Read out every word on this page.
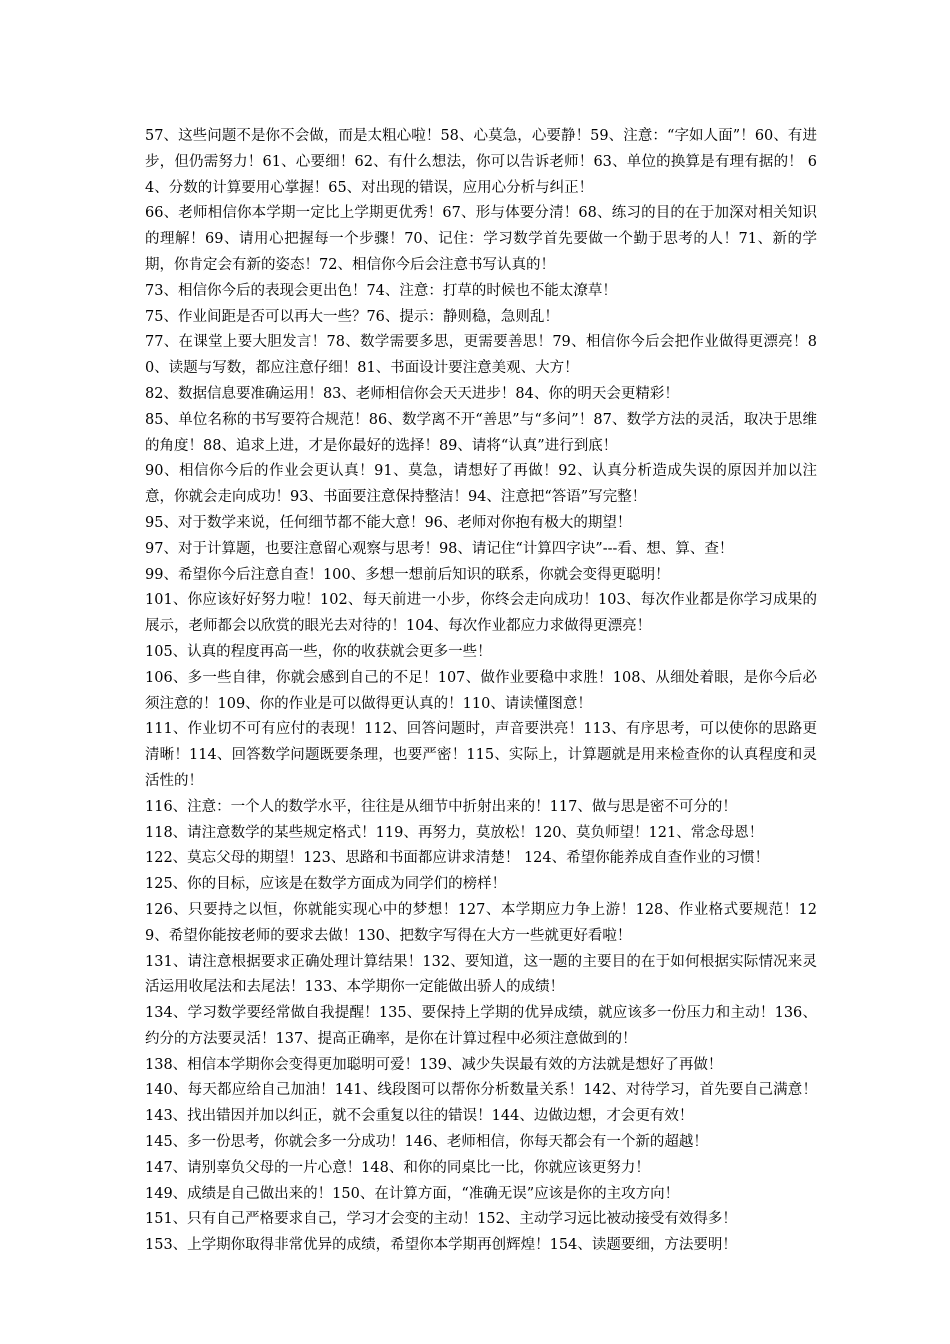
57、这些问题不是你不会做，而是太粗心啦！58、心莫急，心要静！59、注意：“字如人面”！60、有进步，但仍需努力！61、心要细！62、有什么想法，你可以告诉老师！63、单位的换算是有理有据的！ 64、分数的计算要用心掌握！65、对出现的错误，应用心分析与纠正！

66、老师相信你本学期一定比上学期更优秀！67、形与体要分清！68、练习的目的在于加深对相关知识的理解！69、请用心把握每一个步骤！70、记住：学习数学首先要做一个勤于思考的人！71、新的学期，你肯定会有新的姿态！72、相信你今后会注意书写认真的！

73、相信你今后的表现会更出色！74、注意：打草的时候也不能太潦草！

75、作业间距是否可以再大一些？76、提示：静则稳，急则乱！

77、在课堂上要大胆发言！78、数学需要多思，更需要善思！79、相信你今后会把作业做得更漂亮！80、读题与写数，都应注意仔细！81、书面设计要注意美观、大方！

82、数据信息要准确运用！83、老师相信你会天天进步！84、你的明天会更精彩！

85、单位名称的书写要符合规范！86、数学离不开“善思”与“多问”！87、数学方法的灵活，取决于思维的角度！88、追求上进，才是你最好的选择！89、请将“认真”进行到底！

90、相信你今后的作业会更认真！91、莫急，请想好了再做！92、认真分析造成失误的原因并加以注意，你就会走向成功！93、书面要注意保持整洁！94、注意把“答语”写完整！

95、对于数学来说，任何细节都不能大意！96、老师对你抱有极大的期望！

97、对于计算题，也要注意留心观察与思考！98、请记住“计算四字诀”---看、想、算、查！

99、希望你今后注意自查！100、多想一想前后知识的联系，你就会变得更聪明！

101、你应该好好努力啦！102、每天前进一小步，你终会走向成功！103、每次作业都是你学习成果的展示，老师都会以欣赏的眼光去对待的！104、每次作业都应力求做得更漂亮！

105、认真的程度再高一些，你的收获就会更多一些！

106、多一些自律，你就会感到自己的不足！107、做作业要稳中求胜！108、从细处着眼，是你今后必须注意的！109、你的作业是可以做得更认真的！110、请读懂图意！

111、作业切不可有应付的表现！112、回答问题时，声音要洪亮！113、有序思考，可以使你的思路更清晰！114、回答数学问题既要条理，也要严密！115、实际上，计算题就是用来检查你的认真程度和灵活性的！

116、注意：一个人的数学水平，往往是从细节中折射出来的！117、做与思是密不可分的！

118、请注意数学的某些规定格式！119、再努力，莫放松！120、莫负师望！121、常念母恩！

122、莫忘父母的期望！123、思路和书面都应讲求清楚！ 124、希望你能养成自查作业的习惯！

125、你的目标，应该是在数学方面成为同学们的榜样！

126、只要持之以恒，你就能实现心中的梦想！127、本学期应力争上游！128、作业格式要规范！129、希望你能按老师的要求去做！130、把数字写得在大方一些就更好看啦！

131、请注意根据要求正确处理计算结果！132、要知道，这一题的主要目的在于如何根据实际情况来灵活运用收尾法和去尾法！133、本学期你一定能做出骄人的成绩！

134、学习数学要经常做自我提醒！135、要保持上学期的优异成绩，就应该多一份压力和主动！136、约分的方法要灵活！137、提高正确率，是你在计算过程中必须注意做到的！

138、相信本学期你会变得更加聪明可爱！139、减少失误最有效的方法就是想好了再做！

140、每天都应给自己加油！141、线段图可以帮你分析数量关系！142、对待学习，首先要自己满意！143、找出错因并加以纠正，就不会重复以往的错误！144、边做边想，才会更有效！

145、多一份思考，你就会多一分成功！146、老师相信，你每天都会有一个新的超越！

147、请别辜负父母的一片心意！148、和你的同桌比一比，你就应该更努力！

149、成绩是自己做出来的！150、在计算方面，“准确无误”应该是你的主攻方向！

151、只有自己严格要求自己，学习才会变的主动！152、主动学习远比被动接受有效得多！

153、上学期你取得非常优异的成绩，希望你本学期再创辉煌！154、读题要细，方法要明！
